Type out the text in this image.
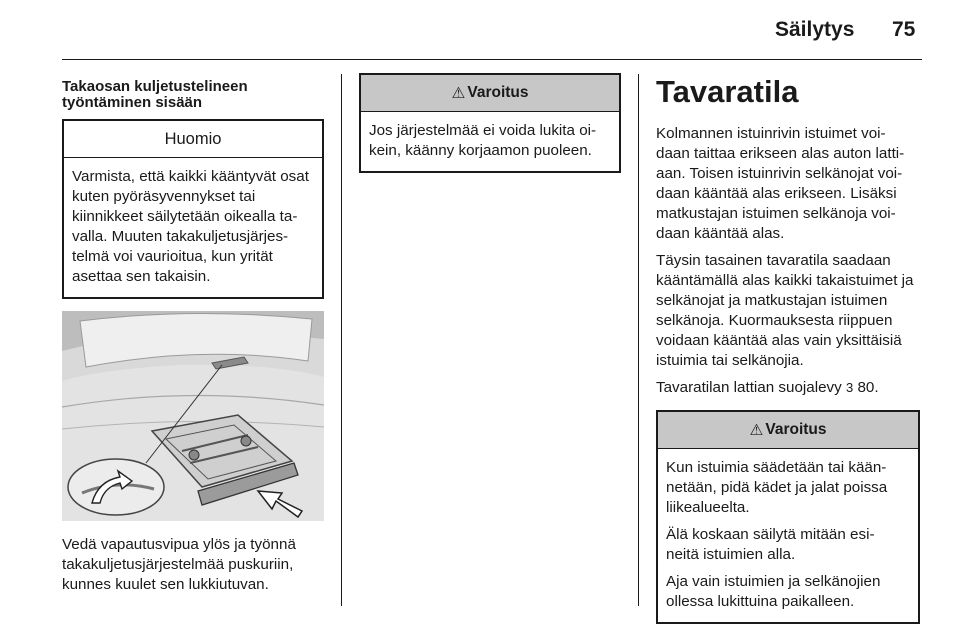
Säilytys 75
Takaosan kuljetustelineen työntäminen sisään
Huomio
Varmista, että kaikki kääntyvät osat kuten pyöräsyvennykset tai kiinnikkeet säilytetään oikealla ta- valla. Muuten takakuljetusjärjes- telmä voi vaurioitua, kun yrität asettaa sen takaisin.
Vedä vapautusvipua ylös ja työnnä takakuljetusjärjestelmää puskuriin, kunnes kuulet sen lukkiutuvan.
⚠ Varoitus
Jos järjestelmää ei voida lukita oi- kein, käänny korjaamon puoleen.
Tavaratila

Kolmannen istuinrivin istuimet voi- daan taittaa erikseen alas auton latti- aan. Toisen istuinrivin selkänojat voi- daan kääntää alas erikseen. Lisäksi matkustajan istuimen selkänoja voi- daan kääntää alas.

Täysin tasainen tavaratila saadaan kääntämällä alas kaikki takaistuimet ja selkänojat ja matkustajan istuimen selkänoja. Kuormauksesta riippuen voidaan kääntää alas vain yksittäisiä istuimia tai selkänojia.

Tavaratilan lattian suojalevy 3 80.

⚠ Varoitus

Kun istuimia säädetään tai kään- netään, pidä kädet ja jalat poissa liikealueelta.

Älä koskaan säilytä mitään esi- neitä istuimien alla.

Aja vain istuimien ja selkänojien ollessa lukittuina paikalleen.
